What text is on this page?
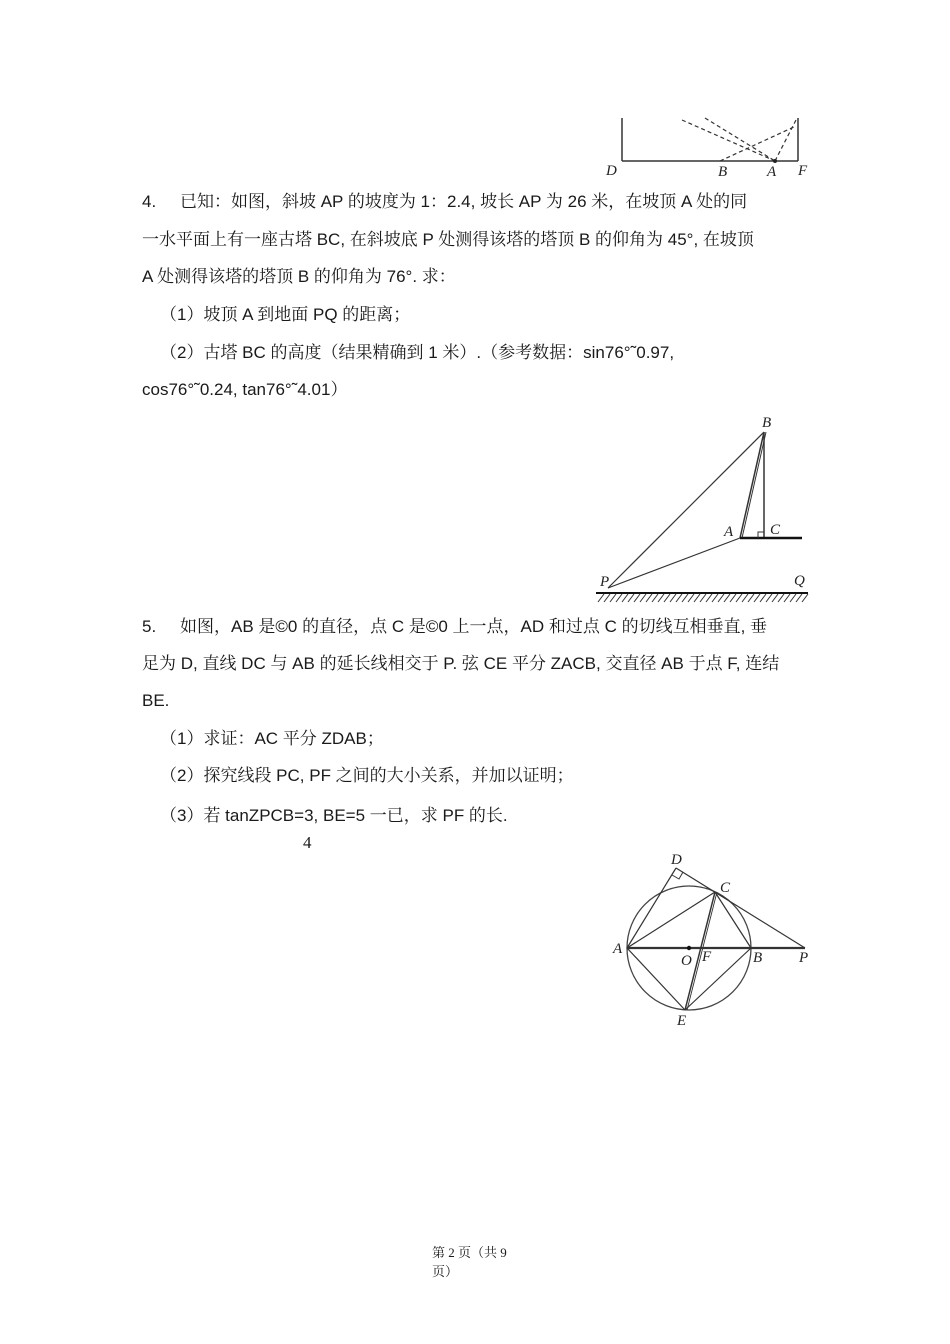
D	B	A F
4. 已知：如图，斜坡 AP 的坡度为 1：2.4, 坡长 AP 为 26 米，在坡顶 A 处的同
一水平面上有一座古塔 BC, 在斜坡底 P 处测得该塔的塔顶 B 的仰角为 45°, 在坡顶
A 处测得该塔的塔顶 B 的仰角为 76°. 求：
（1）坡顶 A 到地面 PQ 的距离；
（2）古塔 BC 的高度（结果精确到 1 米）.（参考数据：sin76°˜0.97,
cos76°˜0.24, tan76°˜4.01）
B
A C
P	Q
5. 如图，AB 是©0 的直径，点 C 是©0 上一点，AD 和过点 C 的切线互相垂直, 垂
足为 D, 直线 DC 与 AB 的延长线相交于 P. 弦 CE 平分 ZACB, 交直径 AB 于点 F, 连结
BE.
（1）求证：AC 平分 ZDAB；
（2）探究线段 PC, PF 之间的大小关系，并加以证明；
（3）若 tanZPCB=3, BE=5 一已，求 PF 的长.
4
D
C
A
O F	B P
E
第 2 页（共 9
页）
